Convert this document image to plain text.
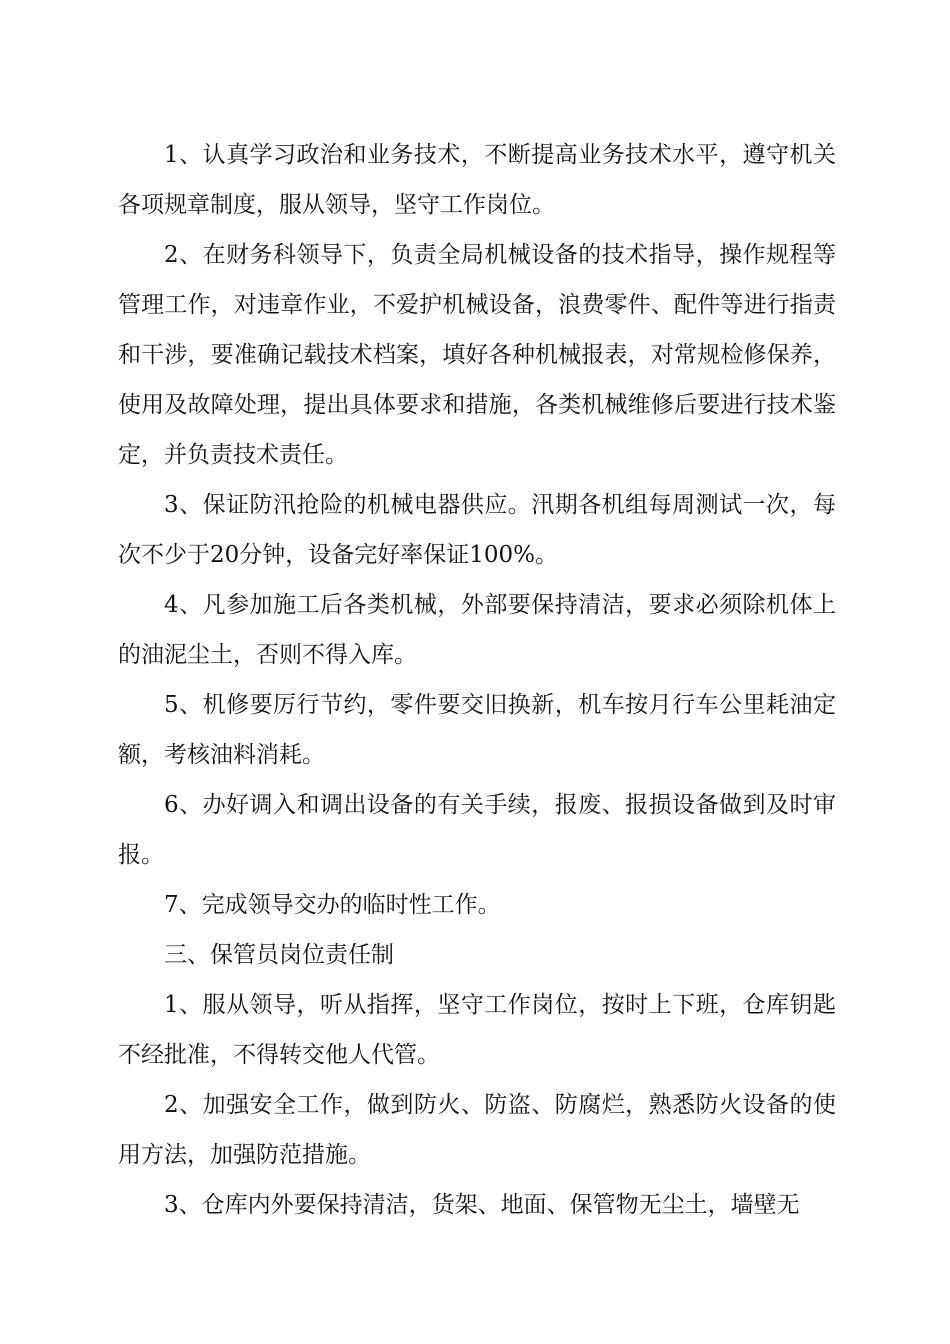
1、认真学习政治和业务技术，不断提高业务技术水平，遵守机关各项规章制度，服从领导，坚守工作岗位。

2、在财务科领导下，负责全局机械设备的技术指导，操作规程等管理工作，对违章作业，不爱护机械设备，浪费零件、配件等进行指责和干涉，要准确记载技术档案，填好各种机械报表，对常规检修保养，使用及故障处理，提出具体要求和措施，各类机械维修后要进行技术鉴定，并负责技术责任。

3、保证防汛抢险的机械电器供应。汛期各机组每周测试一次，每次不少于20分钟，设备完好率保证100%。

4、凡参加施工后各类机械，外部要保持清洁，要求必须除机体上的油泥尘土，否则不得入库。

5、机修要厉行节约，零件要交旧换新，机车按月行车公里耗油定额，考核油料消耗。

6、办好调入和调出设备的有关手续，报废、报损设备做到及时审报。

7、完成领导交办的临时性工作。

三、保管员岗位责任制

1、服从领导，听从指挥，坚守工作岗位，按时上下班，仓库钥匙不经批准，不得转交他人代管。

2、加强安全工作，做到防火、防盗、防腐烂，熟悉防火设备的使用方法，加强防范措施。

3、仓库内外要保持清洁，货架、地面、保管物无尘土，墙壁无
